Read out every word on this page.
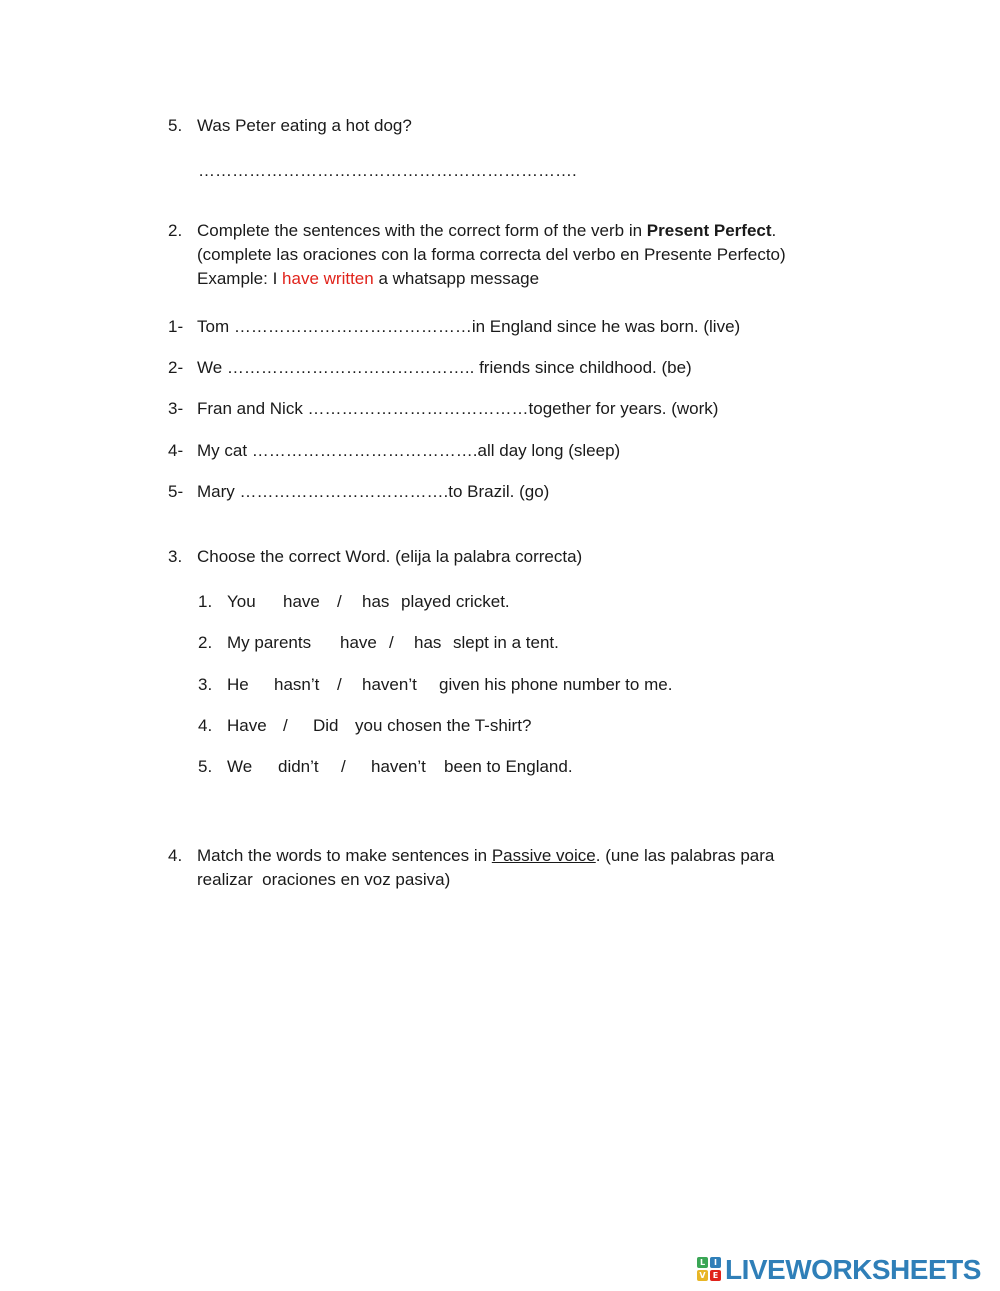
5. Was Peter eating a hot dog?
………………………………………………………….
2. Complete the sentences with the correct form of the verb in Present Perfect.
(complete las oraciones con la forma correcta del verbo en Presente Perfecto)
Example: I have written a whatsapp message
1- Tom ……………………………………in England since he was born. (live)
2- We …………………………………….. friends since childhood. (be)
3- Fran and Nick …………………………………together for years. (work)
4- My cat ………………………………….all day long (sleep)
5- Mary ……………………………….to Brazil. (go)
3. Choose the correct Word. (elija la palabra correcta)
1. You have / has played cricket.
2. My parents have / has slept in a tent.
3. He hasn’t / haven’t given his phone number to me.
4. Have / Did you chosen the T-shirt?
5. We didn’t / haven’t been to England.
4. Match the words to make sentences in Passive voice. (une las palabras para
realizar  oraciones en voz pasiva)
L	I
V E LIVEWORKSHEETS
